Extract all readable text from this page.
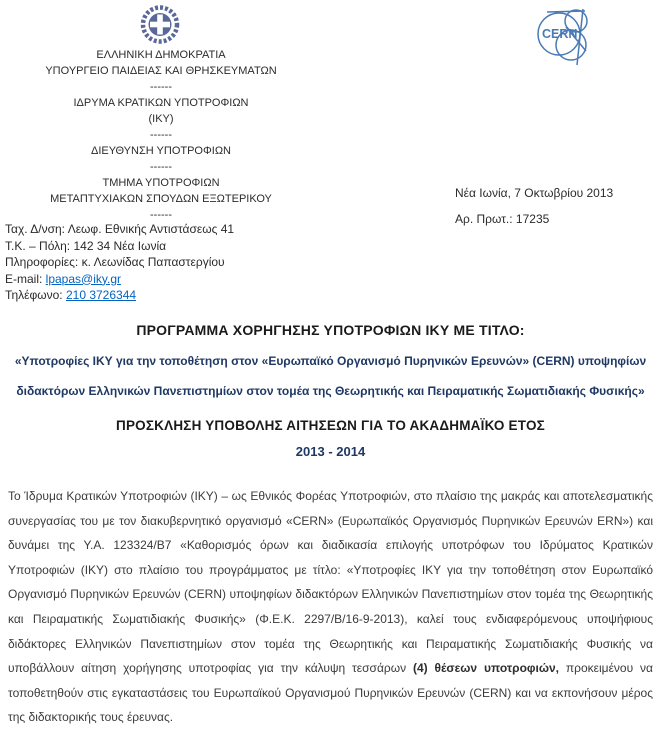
ΕΛΛΗΝΙΚΗ ΔΗΜΟΚΡΑΤΙΑ
ΥΠΟΥΡΓΕΙΟ ΠΑΙΔΕΙΑΣ ΚΑΙ ΘΡΗΣΚΕΥΜΑΤΩΝ
------
ΙΔΡΥΜΑ ΚΡΑΤΙΚΩΝ ΥΠΟΤΡΟΦΙΩΝ
(ΙΚΥ)
------
ΔΙΕΥΘΥΝΣΗ ΥΠΟΤΡΟΦΙΩΝ
------
ΤΜΗΜΑ ΥΠΟΤΡΟΦΙΩΝ
ΜΕΤΑΠΤΥΧΙΑΚΩΝ ΣΠΟΥΔΩΝ ΕΞΩΤΕΡΙΚΟΥ
------
CERN
Νέα Ιωνία, 7 Οκτωβρίου 2013
Αρ. Πρωτ.: 17235
Ταχ. Δ/νση: Λεωφ. Εθνικής Αντιστάσεως 41
Τ.Κ. – Πόλη: 142 34 Νέα Ιωνία
Πληροφορίες: κ. Λεωνίδας Παπαστεργίου
E-mail: lpapas@iky.gr
Τηλέφωνο: 210 3726344
ΠΡΟΓΡΑΜΜΑ ΧΟΡΗΓΗΣΗΣ ΥΠΟΤΡΟΦΙΩΝ ΙΚΥ ΜΕ ΤΙΤΛΟ:
«Υποτροφίες ΙΚΥ για την τοποθέτηση στον «Ευρωπαϊκό Οργανισμό Πυρηνικών Ερευνών» (CERN) υποψηφίων
διδακτόρων Ελληνικών Πανεπιστημίων στον τομέα της Θεωρητικής και Πειραματικής Σωματιδιακής Φυσικής»
ΠΡΟΣΚΛΗΣΗ ΥΠΟΒΟΛΗΣ ΑΙΤΗΣΕΩΝ ΓΙΑ ΤΟ ΑΚΑΔΗΜΑΪΚΟ ΕΤΟΣ
2013 - 2014

Το Ίδρυμα Κρατικών Υποτροφιών (ΙΚΥ) – ως Εθνικός Φορέας Υποτροφιών, στο πλαίσιο της μακράς και αποτελεσματικής συνεργασίας του με τον διακυβερνητικό οργανισμό «CERN» (Ευρωπαϊκός Οργανισμός Πυρηνικών Ερευνών ERN») και δυνάμει της Υ.Α. 123324/Β7 «Καθορισμός όρων και διαδικασία επιλογής υποτρόφων του Ιδρύματος Κρατικών Υποτροφιών (ΙΚΥ) στο πλαίσιο του προγράμματος με τίτλο: «Υποτροφίες ΙΚΥ για την τοποθέτηση στον Ευρωπαϊκό Οργανισμό Πυρηνικών Ερευνών (CERN) υποψηφίων διδακτόρων Ελληνικών Πανεπιστημίων στον τομέα της Θεωρητικής και Πειραματικής Σωματιδιακής Φυσικής» (Φ.Ε.Κ. 2297/Β/16-9-2013), καλεί τους ενδιαφερόμενους υποψήφιους διδάκτορες Ελληνικών Πανεπιστημίων στον τομέα της Θεωρητικής και Πειραματικής Σωματιδιακής Φυσικής να υποβάλλουν αίτηση χορήγησης υποτροφίας για την κάλυψη τεσσάρων (4) θέσεων υποτροφιών, προκειμένου να τοποθετηθούν στις εγκαταστάσεις του Ευρωπαϊκού Οργανισμού Πυρηνικών Ερευνών (CERN) και να εκπονήσουν μέρος της διδακτορικής τους έρευνας.
